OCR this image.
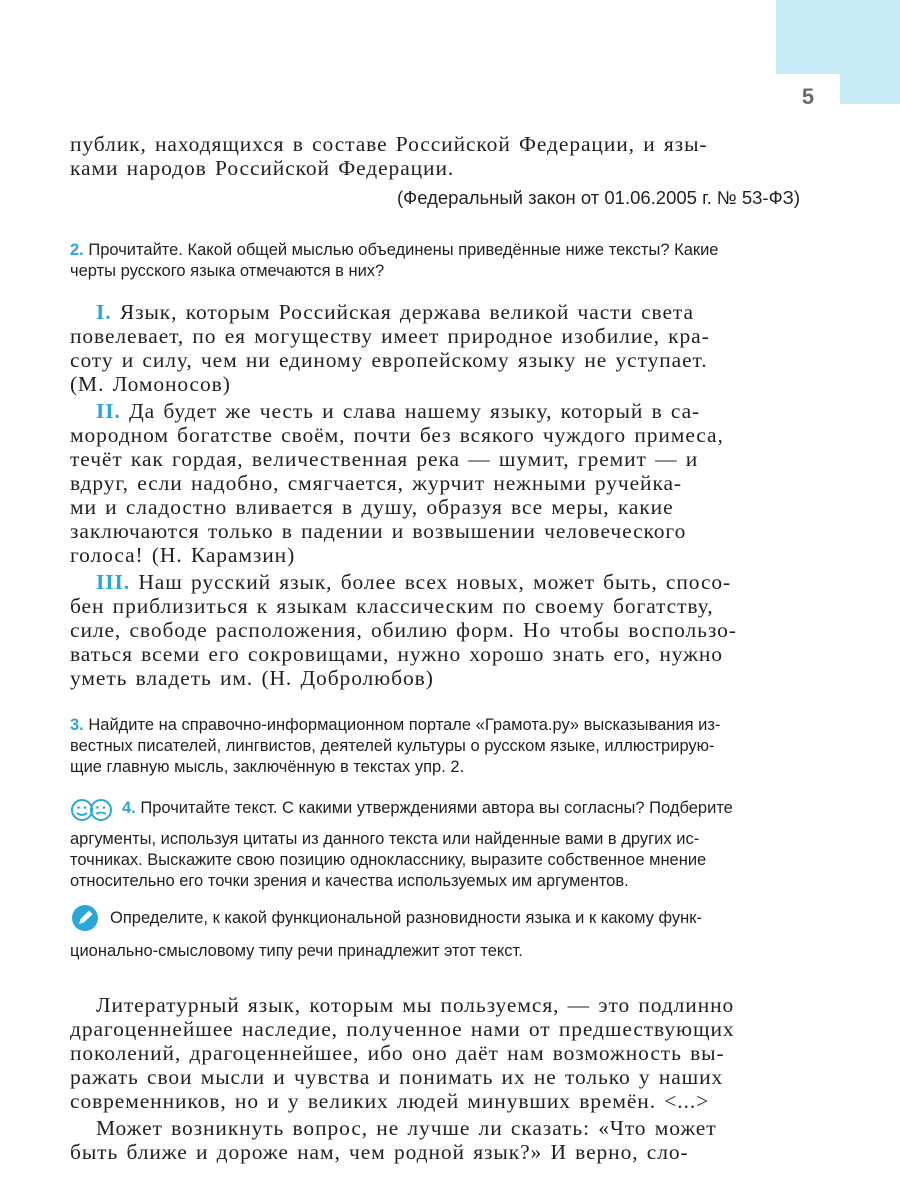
5

публик, находящихся в составе Российской Федерации, и язы-

ками народов Российской Федерации.

(Федеральный закон от 01.06.2005 г. № 53-ФЗ)

2. Прочитайте. Какой общей мыслью объединены приведённые ниже тексты? Какие

черты русского языка отмечаются в них?

I. Язык, которым Российская держава великой части света

повелевает, по ея могуществу имеет природное изобилие, кра-

соту и силу, чем ни единому европейскому языку не уступает.

(М. Ломоносов)

II. Да будет же честь и слава нашему языку, который в са-

мородном богатстве своём, почти без всякого чуждого примеса,

течёт как гордая, величественная река — шумит, гремит — и

вдруг, если надобно, смягчается, журчит нежными ручейка-

ми и сладостно вливается в душу, образуя все меры, какие

заключаются только в падении и возвышении человеческого

голоса! (Н. Карамзин)

III. Наш русский язык, более всех новых, может быть, спосо-

бен приблизиться к языкам классическим по своему богатству,

силе, свободе расположения, обилию форм. Но чтобы воспользо-

ваться всеми его сокровищами, нужно хорошо знать его, нужно

уметь владеть им. (Н. Добролюбов)

3. Найдите на справочно-информационном портале «Грамота.ру» высказывания из-

вестных писателей, лингвистов, деятелей культуры о русском языке, иллюстрирую-

щие главную мысль, заключённую в текстах упр. 2.

4. Прочитайте текст. С какими утверждениями автора вы согласны? Подберите

аргументы, используя цитаты из данного текста или найденные вами в других ис-

точниках. Выскажите свою позицию однокласснику, выразите собственное мнение

относительно его точки зрения и качества используемых им аргументов.

Определите, к какой функциональной разновидности языка и к какому функ-

ционально-смысловому типу речи принадлежит этот текст.

Литературный язык, которым мы пользуемся, — это подлинно

драгоценнейшее наследие, полученное нами от предшествующих

поколений, драгоценнейшее, ибо оно даёт нам возможность вы-

ражать свои мысли и чувства и понимать их не только у наших

современников, но и у великих людей минувших времён. <...>

Может возникнуть вопрос, не лучше ли сказать: «Что может

быть ближе и дороже нам, чем родной язык?» И верно, сло-
